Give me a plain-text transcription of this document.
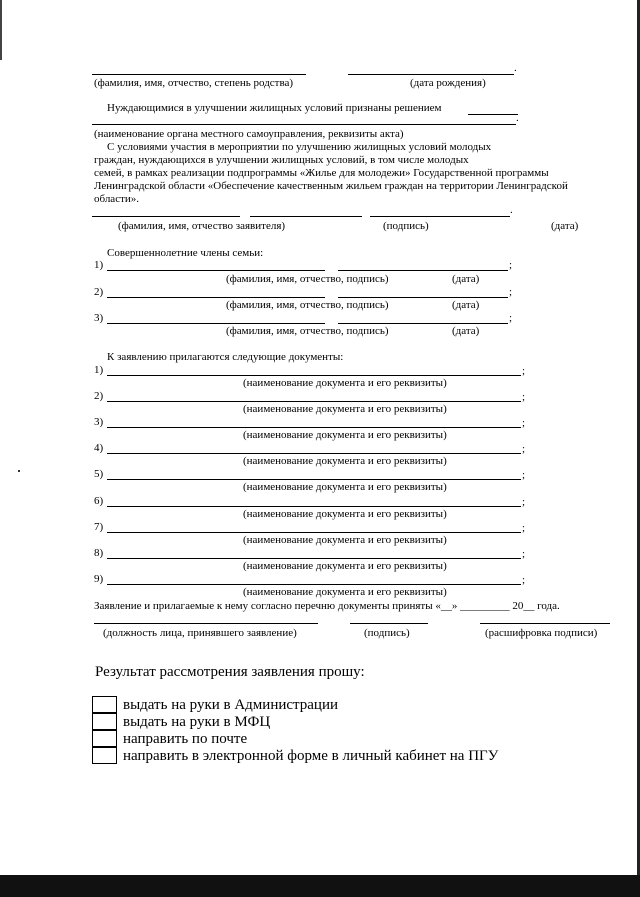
.
(фамилия, имя, отчество, степень родства)	(дата рождения)
Нуждающимися в улучшении жилищных условий признаны решением
.
(наименование органа местного самоуправления, реквизиты акта)
С условиями участия в мероприятии по улучшению жилищных условий молодых
граждан, нуждающихся в улучшении жилищных условий, в том числе молодых
семей, в рамках реализации подпрограммы «Жилье для молодежи» Государственной программы
Ленинградской области «Обеспечение качественным жильем граждан на территории Ленинградской
области».
.
(фамилия, имя, отчество заявителя)	(подпись)	(дата)
Совершеннолетние члены семьи:
1)	;
(фамилия, имя, отчество, подпись)	(дата)
2)	;
(фамилия, имя, отчество, подпись)	(дата)
3)	;
(фамилия, имя, отчество, подпись)	(дата)
К заявлению прилагаются следующие документы:
1)	;
(наименование документа и его реквизиты)
2)	;
(наименование документа и его реквизиты)
3)	;
(наименование документа и его реквизиты)
4)	;
(наименование документа и его реквизиты)
5)	;
(наименование документа и его реквизиты)
6)	;
(наименование документа и его реквизиты)
7)	;
(наименование документа и его реквизиты)
8)	;
(наименование документа и его реквизиты)
9)	;
(наименование документа и его реквизиты)
Заявление и прилагаемые к нему согласно перечню документы приняты «__» _________ 20__ года.
(должность лица, принявшего заявление)	(подпись)	(расшифровка подписи)
Результат рассмотрения заявления прошу:
выдать на руки в Администрации
выдать на руки в МФЦ
направить по почте
направить в электронной форме в личный кабинет на ПГУ
